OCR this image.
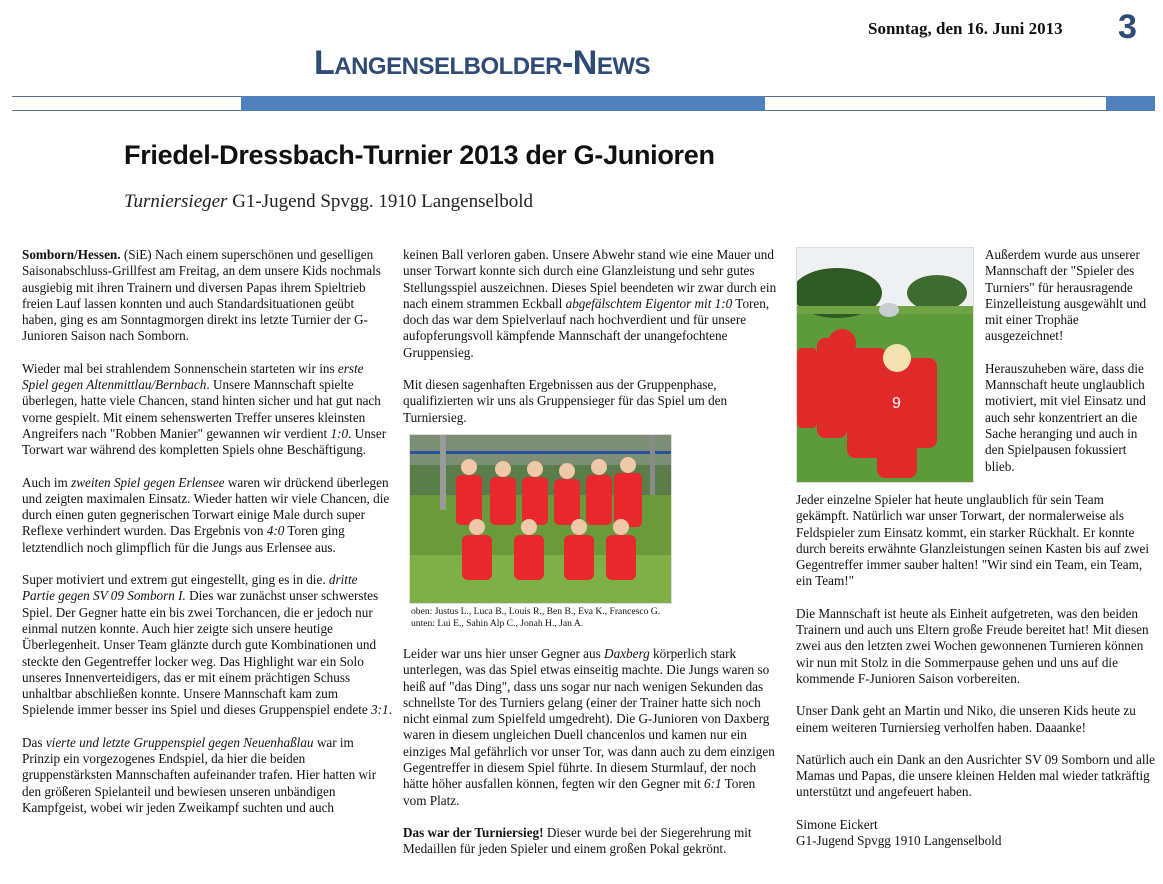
Sonntag, den 16. Juni 2013 3
Langenselbolder-News
Friedel-Dressbach-Turnier 2013 der G-Junioren
Turniersieger G1-Jugend Spvgg. 1910 Langenselbold

Somborn/Hessen. (SiE) Nach einem superschönen und geselligen Saisonabschluss-Grillfest am Freitag, an dem unsere Kids nochmals ausgiebig mit ihren Trainern und diversen Papas ihrem Spieltrieb freien Lauf lassen konnten und auch Standardsituationen geübt haben, ging es am Sonntagmorgen direkt ins letzte Turnier der G-Junioren Saison nach Somborn.

Wieder mal bei strahlendem Sonnenschein starteten wir ins erste Spiel gegen Altenmittlau/Bernbach. Unsere Mannschaft spielte überlegen, hatte viele Chancen, stand hinten sicher und hat gut nach vorne gespielt. Mit einem sehenswerten Treffer unseres kleinsten Angreifers nach "Robben Manier" gewannen wir verdient 1:0. Unser Torwart war während des kompletten Spiels ohne Beschäftigung.

Auch im zweiten Spiel gegen Erlensee waren wir drückend überlegen und zeigten maximalen Einsatz. Wieder hatten wir viele Chancen, die durch einen guten gegnerischen Torwart einige Male durch super Reflexe verhindert wurden. Das Ergebnis von 4:0 Toren ging letztendlich noch glimpflich für die Jungs aus Erlensee aus.

Super motiviert und extrem gut eingestellt, ging es in die. dritte Partie gegen SV 09 Somborn I. Dies war zunächst unser schwerstes Spiel. Der Gegner hatte ein bis zwei Torchancen, die er jedoch nur einmal nutzen konnte. Auch hier zeigte sich unsere heutige Überlegenheit. Unser Team glänzte durch gute Kombinationen und steckte den Gegentreffer locker weg. Das Highlight war ein Solo unseres Innenverteidigers, das er mit einem prächtigen Schuss unhaltbar abschließen konnte. Unsere Mannschaft kam zum Spielende immer besser ins Spiel und dieses Gruppenspiel endete 3:1.

Das vierte und letzte Gruppenspiel gegen Neuenhaßlau war im Prinzip ein vorgezogenes Endspiel, da hier die beiden gruppenstärksten Mannschaften aufeinander trafen. Hier hatten wir den größeren Spielanteil und bewiesen unseren unbändigen Kampfgeist, wobei wir jeden Zweikampf suchten und auch

keinen Ball verloren gaben. Unsere Abwehr stand wie eine Mauer und unser Torwart konnte sich durch eine Glanzleistung und sehr gutes Stellungsspiel auszeichnen. Dieses Spiel beendeten wir zwar durch ein nach einem strammen Eckball abgefälschtem Eigentor mit 1:0 Toren, doch das war dem Spielverlauf nach hochverdient und für unsere aufopferungsvoll kämpfende Mannschaft der unangefochtene Gruppensieg.

Mit diesen sagenhaften Ergebnissen aus der Gruppenphase, qualifizierten wir uns als Gruppensieger für das Spiel um den Turniersieg.

oben: Justus L., Luca B., Louis R., Ben B., Eva K., Francesco G.
unten: Lui E., Sahin Alp C., Jonah H., Jan A.

Leider war uns hier unser Gegner aus Daxberg körperlich stark unterlegen, was das Spiel etwas einseitig machte. Die Jungs waren so heiß auf "das Ding", dass uns sogar nur nach wenigen Sekunden das schnellste Tor des Turniers gelang (einer der Trainer hatte sich noch nicht einmal zum Spielfeld umgedreht). Die G-Junioren von Daxberg waren in diesem ungleichen Duell chancenlos und kamen nur ein einziges Mal gefährlich vor unser Tor, was dann auch zu dem einzigen Gegentreffer in diesem Spiel führte. In diesem Sturmlauf, der noch hätte höher ausfallen können, fegten wir den Gegner mit 6:1 Toren vom Platz.

Das war der Turniersieg! Dieser wurde bei der Siegerehrung mit Medaillen für jeden Spieler und einem großen Pokal gekrönt.

9

Außerdem wurde aus unserer Mannschaft der "Spieler des Turniers" für herausragende Einzelleistung ausgewählt und mit einer Trophäe ausgezeichnet!

Herauszuheben wäre, dass die Mannschaft heute unglaublich motiviert, mit viel Einsatz und auch sehr konzentriert an die Sache heranging und auch in den Spielpausen fokussiert blieb.

Jeder einzelne Spieler hat heute unglaublich für sein Team gekämpft. Natürlich war unser Torwart, der normalerweise als Feldspieler zum Einsatz kommt, ein starker Rückhalt. Er konnte durch bereits erwähnte Glanzleistungen seinen Kasten bis auf zwei Gegentreffer immer sauber halten! "Wir sind ein Team, ein Team, ein Team!"

Die Mannschaft ist heute als Einheit aufgetreten, was den beiden Trainern und auch uns Eltern große Freude bereitet hat! Mit diesen zwei aus den letzten zwei Wochen gewonnenen Turnieren können wir nun mit Stolz in die Sommerpause gehen und uns auf die kommende F-Junioren Saison vorbereiten.

Unser Dank geht an Martin und Niko, die unseren Kids heute zu einem weiteren Turniersieg verholfen haben. Daaanke!

Natürlich auch ein Dank an den Ausrichter SV 09 Somborn und alle Mamas und Papas, die unsere kleinen Helden mal wieder tatkräftig unterstützt und angefeuert haben.

Simone Eickert
G1-Jugend Spvgg 1910 Langenselbold
